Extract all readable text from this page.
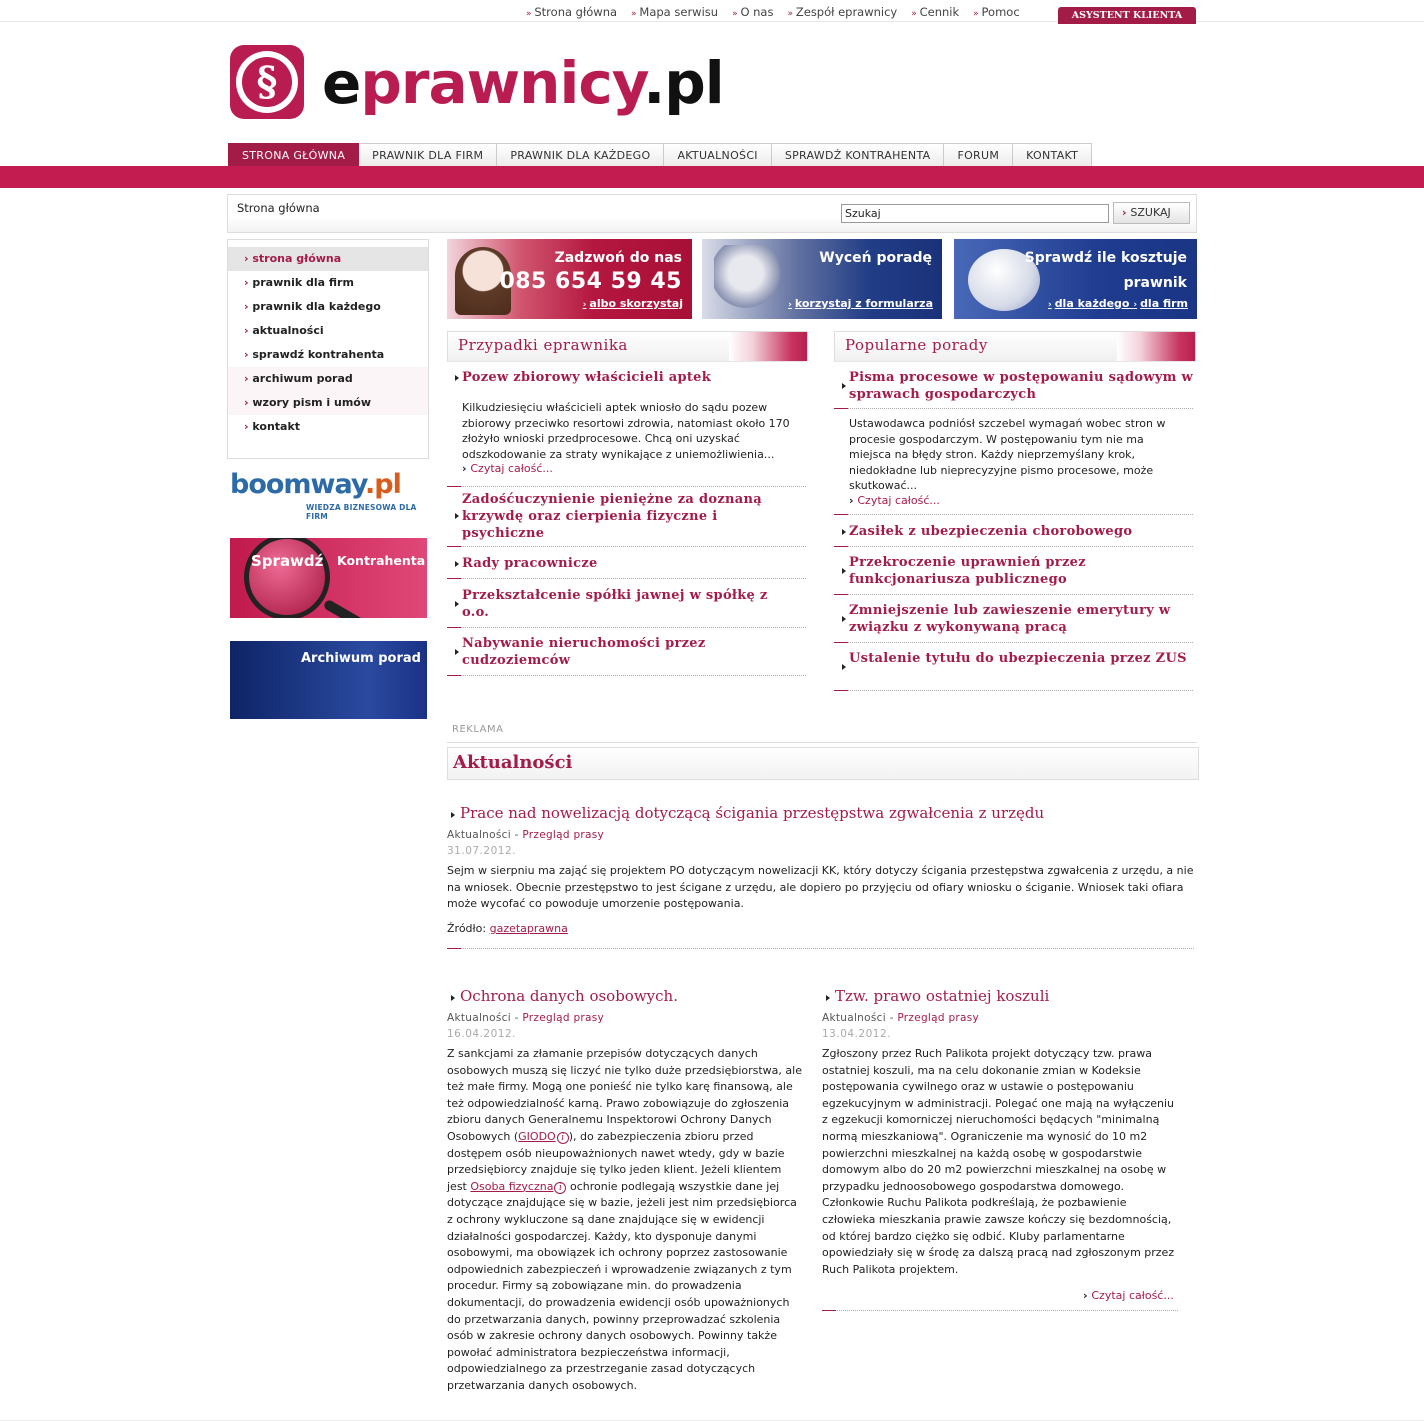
» Strona główna	» Mapa serwisu	» O nas	» Zespół eprawnicy	» Cennik	» Pomoc	ASYSTENT KLIENTA
§ eprawnicy.pl
STRONA GŁÓWNA	PRAWNIK DLA FIRM	PRAWNIK DLA KAŻDEGO	AKTUALNOŚCI	SPRAWDŹ KONTRAHENTA	FORUM	KONTAKT
Strona główna
Szukaj	› SZUKAJ
› strona główna
› prawnik dla firm
› prawnik dla każdego
› aktualności
› sprawdź kontrahenta
› archiwum porad
› wzory pism i umów
› kontakt
boomway.pl
WIEDZA BIZNESOWA DLA FIRM
Sprawdź Kontrahenta
Archiwum porad
Zadzwoń do nas
085 654 59 45
› albo skorzystaj
Wyceń poradę
› korzystaj z formularza
Sprawdź ile kosztuje prawnik
› dla każdego › dla firm
Przypadki eprawnika
Pozew zbiorowy właścicieli aptek
Kilkudziesięciu właścicieli aptek wniosło do sądu pozew zbiorowy przeciwko resortowi zdrowia, natomiast około 170 złożyło wnioski przedprocesowe. Chcą oni uzyskać odszkodowanie za straty wynikające z uniemożliwienia...
› Czytaj całość...
Zadośćuczynienie pieniężne za doznaną krzywdę oraz cierpienia fizyczne i psychiczne
Rady pracownicze
Przekształcenie spółki jawnej w spółkę z o.o.
Nabywanie nieruchomości przez cudzoziemców
Popularne porady
Pisma procesowe w postępowaniu sądowym w sprawach gospodarczych
Ustawodawca podniósł szczebel wymagań wobec stron w procesie gospodarczym. W postępowaniu tym nie ma miejsca na błędy stron. Każdy nieprzemyślany krok, niedokładne lub nieprecyzyjne pismo procesowe, może skutkować...
› Czytaj całość...
Zasiłek z ubezpieczenia chorobowego
Przekroczenie uprawnień przez funkcjonariusza publicznego
Zmniejszenie lub zawieszenie emerytury w związku z wykonywaną pracą
Ustalenie tytułu do ubezpieczenia przez ZUS
REKLAMA
Aktualności
Prace nad nowelizacją dotyczącą ścigania przestępstwa zgwałcenia z urzędu
Aktualności - Przegląd prasy
31.07.2012.
Sejm w sierpniu ma zająć się projektem PO dotyczącym nowelizacji KK, który dotyczy ścigania przestępstwa zgwałcenia z urzędu, a nie na wniosek. Obecnie przestępstwo to jest ścigane z urzędu, ale dopiero po przyjęciu od ofiary wniosku o ściganie. Wniosek taki ofiara może wycofać co powoduje umorzenie postępowania.
Źródło: gazetaprawna
Ochrona danych osobowych.
Aktualności - Przegląd prasy
16.04.2012.
Z sankcjami za złamanie przepisów dotyczących danych osobowych muszą się liczyć nie tylko duże przedsiębiorstwa, ale też małe firmy. Mogą one ponieść nie tylko karę finansową, ale też odpowiedzialność karną. Prawo zobowiązuje do zgłoszenia zbioru danych Generalnemu Inspektorowi Ochrony Danych Osobowych (GIODO i ), do zabezpieczenia zbioru przed dostępem osób nieupoważnionych nawet wtedy, gdy w bazie przedsiębiorcy znajduje się tylko jeden klient. Jeżeli klientem jest Osoba fizyczna i ochronie podlegają wszystkie dane jej dotyczące znajdujące się w bazie, jeżeli jest nim przedsiębiorca z ochrony wykluczone są dane znajdujące się w ewidencji działalności gospodarczej. Każdy, kto dysponuje danymi osobowymi, ma obowiązek ich ochrony poprzez zastosowanie odpowiednich zabezpieczeń i wprowadzenie związanych z tym procedur. Firmy są zobowiązane min. do prowadzenia dokumentacji, do prowadzenia ewidencji osób upoważnionych do przetwarzania danych, powinny przeprowadzać szkolenia osób w zakresie ochrony danych osobowych. Powinny także powołać administratora bezpieczeństwa informacji, odpowiedzialnego za przestrzeganie zasad dotyczących przetwarzania danych osobowych.
Tzw. prawo ostatniej koszuli
Aktualności - Przegląd prasy
13.04.2012.
Zgłoszony przez Ruch Palikota projekt dotyczący tzw. prawa ostatniej koszuli, ma na celu dokonanie zmian w Kodeksie postępowania cywilnego oraz w ustawie o postępowaniu egzekucyjnym w administracji. Polegać one mają na wyłączeniu z egzekucji komorniczej nieruchomości będących "minimalną normą mieszkaniową". Ograniczenie ma wynosić do 10 m2 powierzchni mieszkalnej na każdą osobę w gospodarstwie domowym albo do 20 m2 powierzchni mieszkalnej na osobę w przypadku jednoosobowego gospodarstwa domowego. Członkowie Ruchu Palikota podkreślają, że pozbawienie człowieka mieszkania prawie zawsze kończy się bezdomnością, od której bardzo ciężko się odbić. Kluby parlamentarne opowiedziały się w środę za dalszą pracą nad zgłoszonym przez Ruch Palikota projektem.
› Czytaj całość...
